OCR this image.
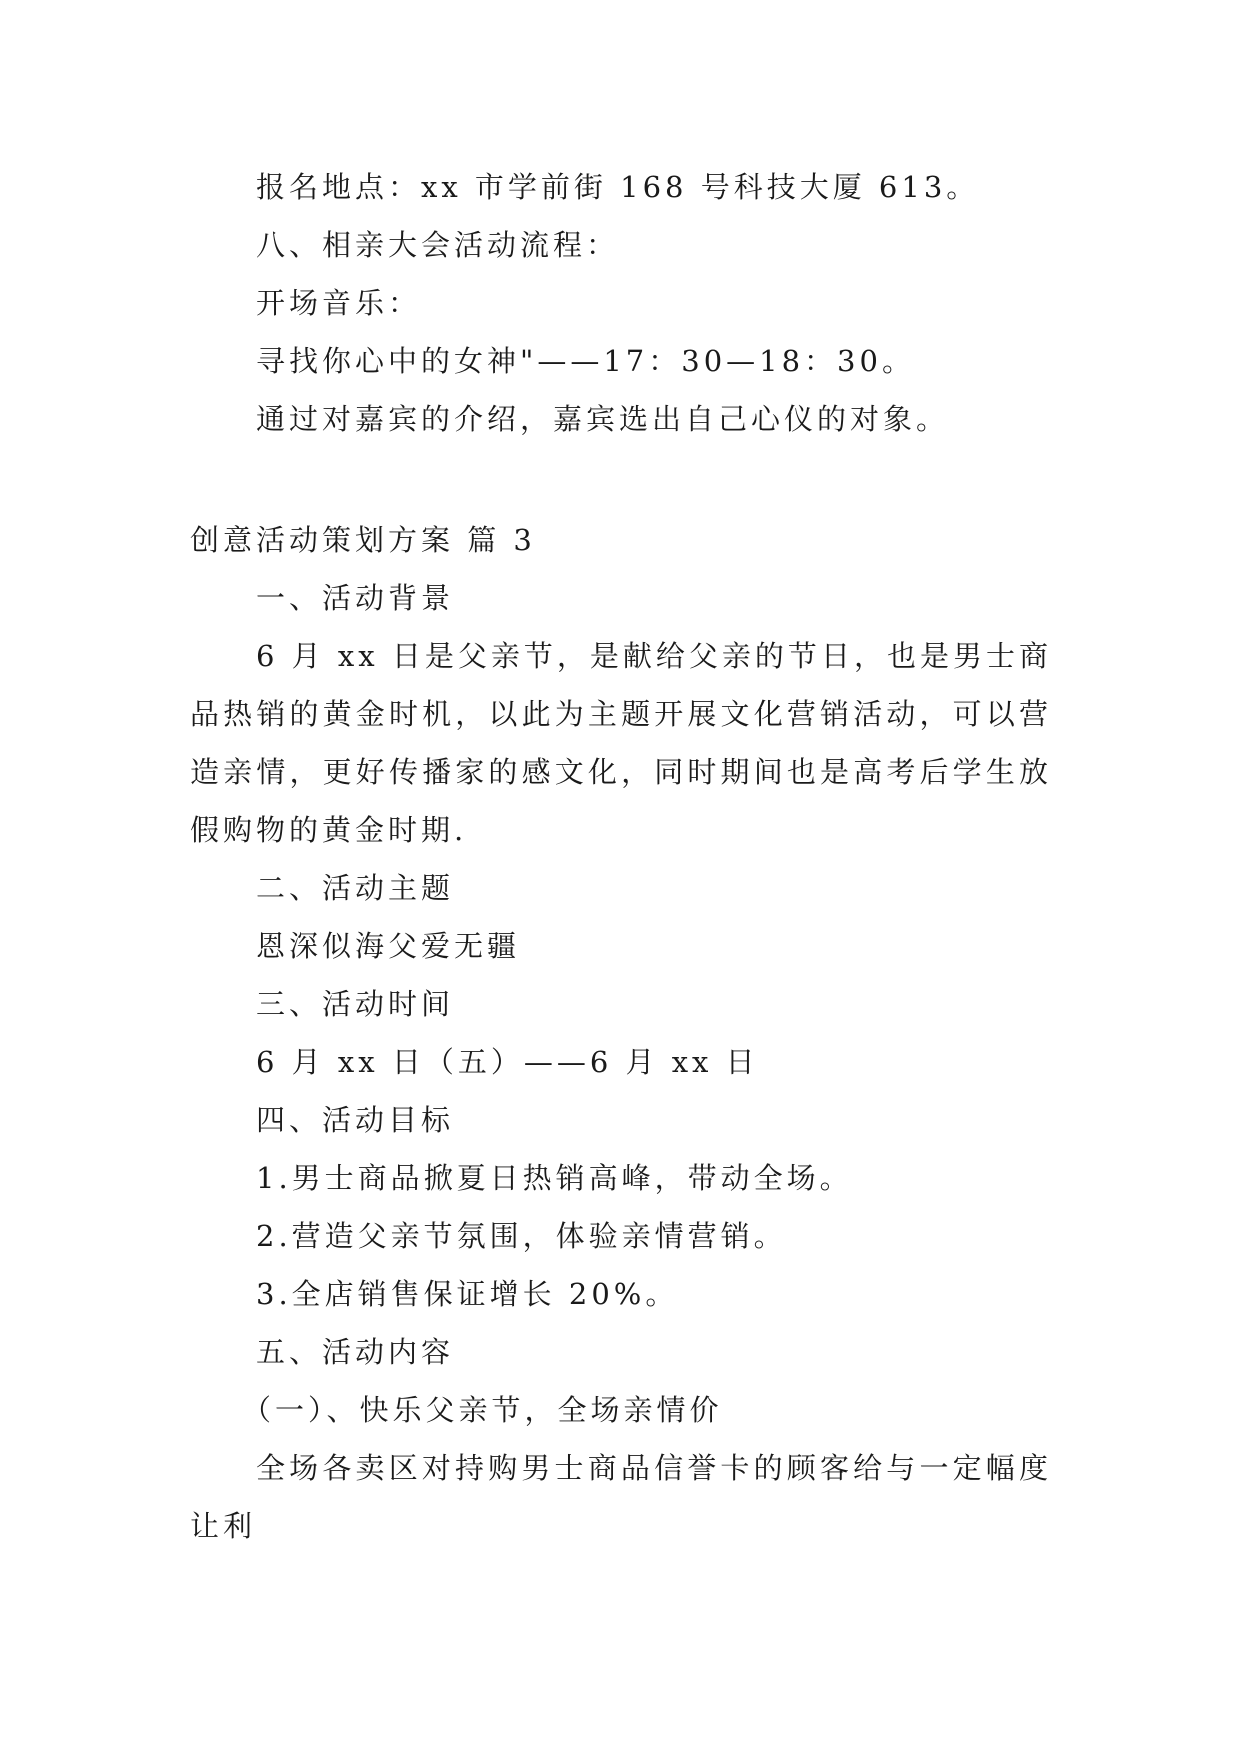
报名地点：xx 市学前街 168 号科技大厦 613。

八、相亲大会活动流程：

开场音乐：

寻找你心中的女神"——17：30—18：30。

通过对嘉宾的介绍，嘉宾选出自己心仪的对象。

创意活动策划方案 篇 3

一、活动背景

6 月 xx 日是父亲节，是献给父亲的节日，也是男士商品热销的黄金时机，以此为主题开展文化营销活动，可以营造亲情，更好传播家的感文化，同时期间也是高考后学生放假购物的黄金时期.

二、活动主题

恩深似海父爱无疆

三、活动时间

6 月 xx 日（五）——6 月 xx 日

四、活动目标

1.男士商品掀夏日热销高峰，带动全场。

2.营造父亲节氛围，体验亲情营销。

3.全店销售保证增长 20%。

五、活动内容

（一）、快乐父亲节，全场亲情价

全场各卖区对持购男士商品信誉卡的顾客给与一定幅度让利
